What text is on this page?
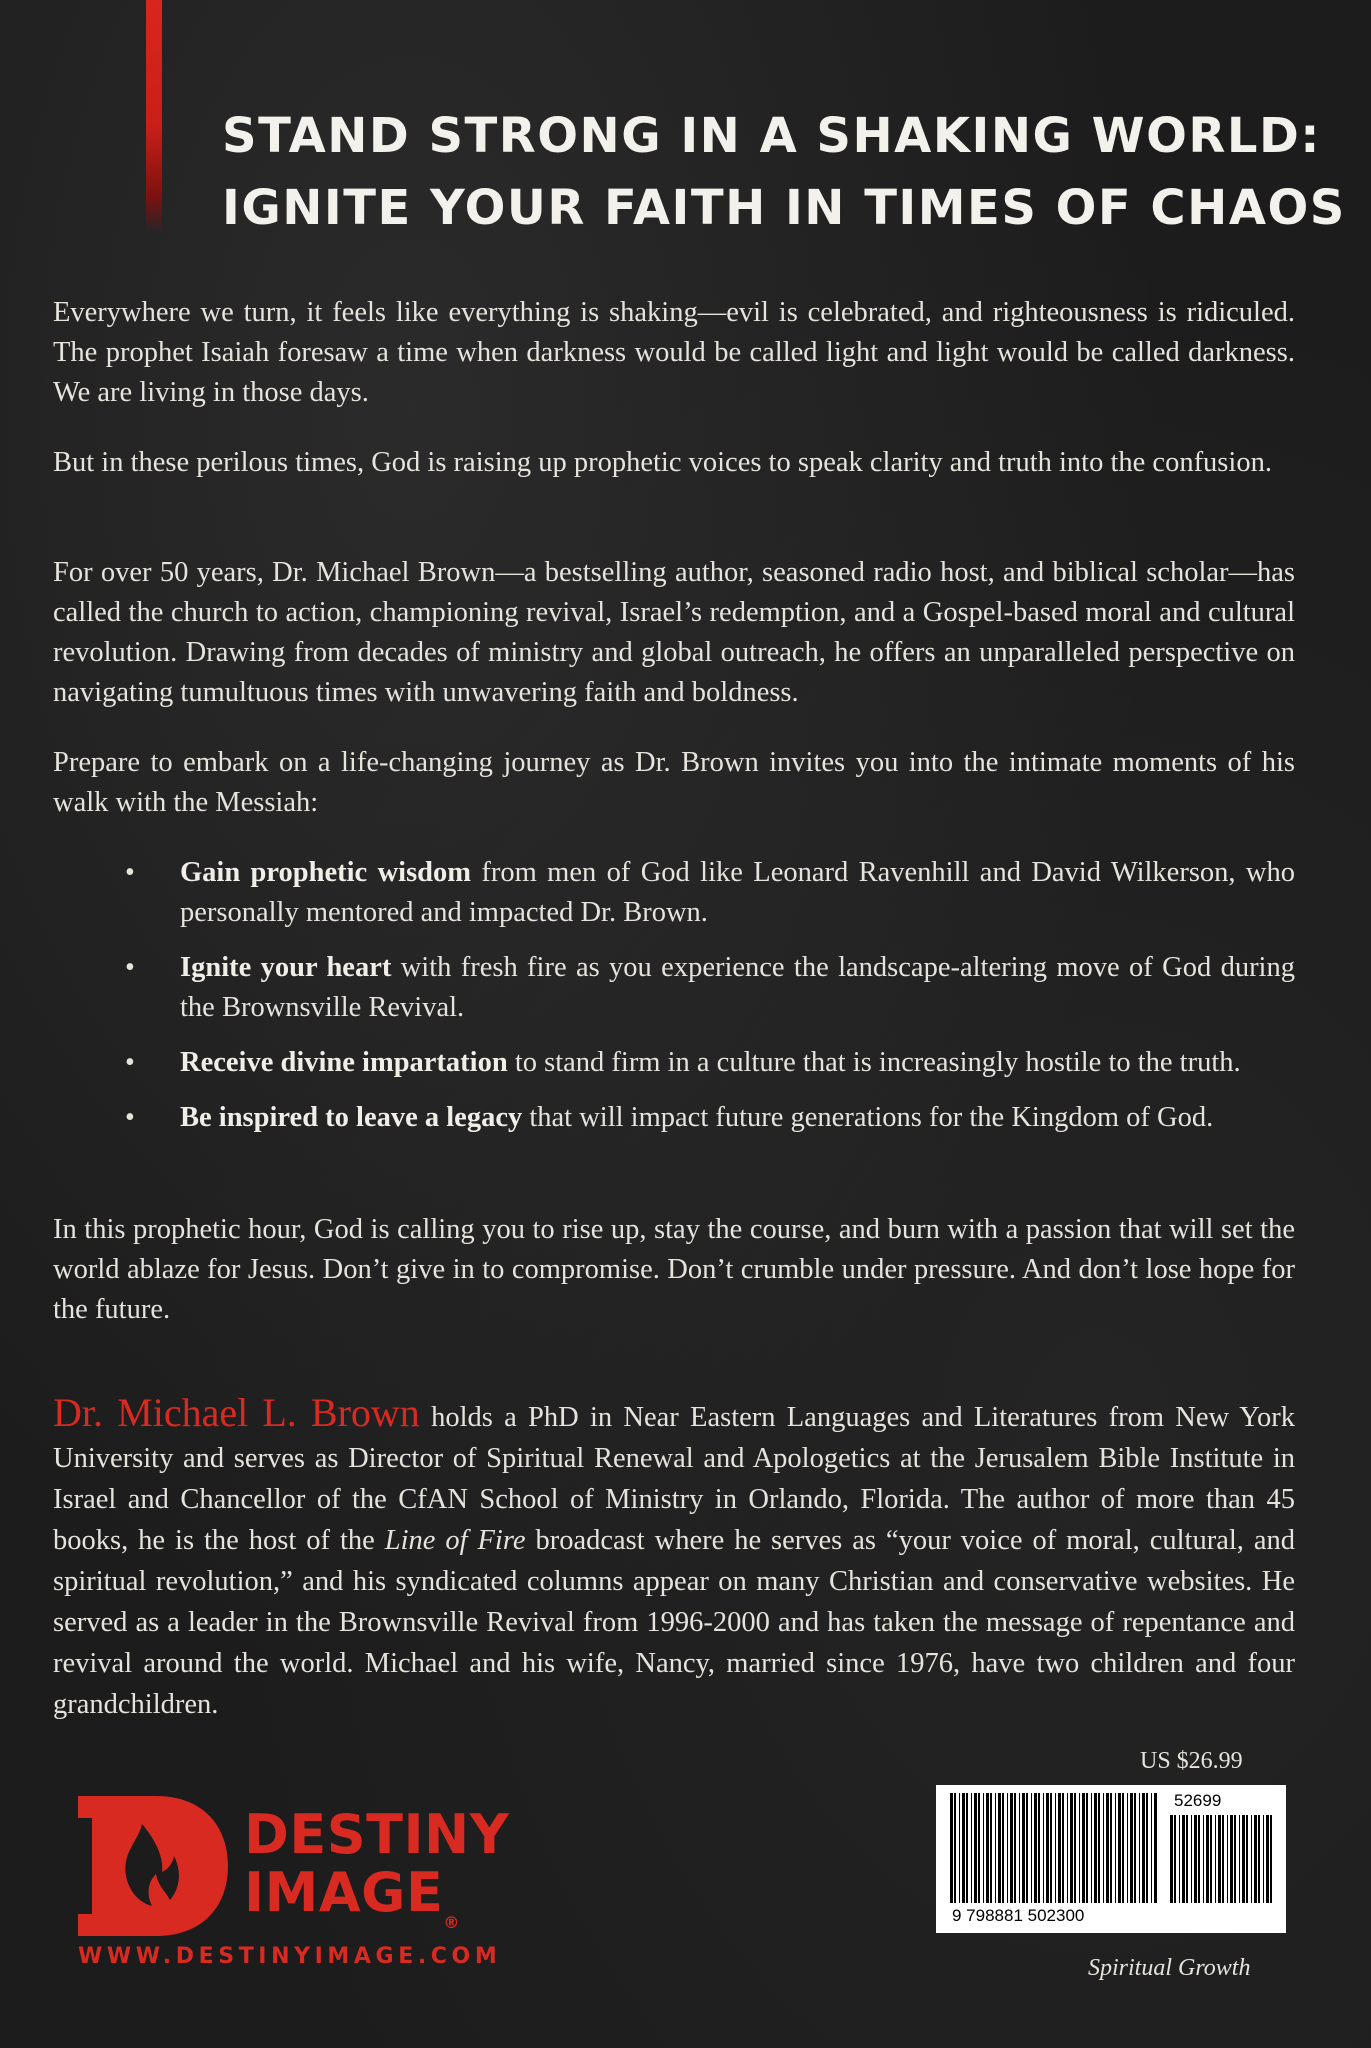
STAND STRONG IN A SHAKING WORLD:
IGNITE YOUR FAITH IN TIMES OF CHAOS
Everywhere we turn, it feels like everything is shaking—evil is celebrated, and righteousness is ridiculed. The prophet Isaiah foresaw a time when darkness would be called light and light would be called darkness. We are living in those days.
But in these perilous times, God is raising up prophetic voices to speak clarity and truth into the confusion.
For over 50 years, Dr. Michael Brown—a bestselling author, seasoned radio host, and biblical scholar—has called the church to action, championing revival, Israel’s redemption, and a Gospel-based moral and cultural revolution. Drawing from decades of ministry and global outreach, he offers an unparalleled perspective on navigating tumultuous times with unwavering faith and boldness.
Prepare to embark on a life-changing journey as Dr. Brown invites you into the intimate moments of his walk with the Messiah:
• Gain prophetic wisdom from men of God like Leonard Ravenhill and David Wilkerson, who personally mentored and impacted Dr. Brown.
• Ignite your heart with fresh fire as you experience the landscape-altering move of God during the Brownsville Revival.
• Receive divine impartation to stand firm in a culture that is increasingly hostile to the truth.
• Be inspired to leave a legacy that will impact future generations for the Kingdom of God.
In this prophetic hour, God is calling you to rise up, stay the course, and burn with a passion that will set the world ablaze for Jesus. Don’t give in to compromise. Don’t crumble under pressure. And don’t lose hope for the future.
Dr. Michael L. Brown holds a PhD in Near Eastern Languages and Literatures from New York University and serves as Director of Spiritual Renewal and Apologetics at the Jerusalem Bible Institute in Israel and Chancellor of the CfAN School of Ministry in Orlando, Florida. The author of more than 45 books, he is the host of the Line of Fire broadcast where he serves as “your voice of moral, cultural, and spiritual revolution,” and his syndicated columns appear on many Christian and conservative websites. He served as a leader in the Brownsville Revival from 1996-2000 and has taken the message of repentance and revival around the world. Michael and his wife, Nancy, married since 1976, have two children and four grandchildren.
US $26.99
9 798881 502300
52699
Spiritual Growth
DESTINY
IMAGE®
WWW.DESTINYIMAGE.COM
